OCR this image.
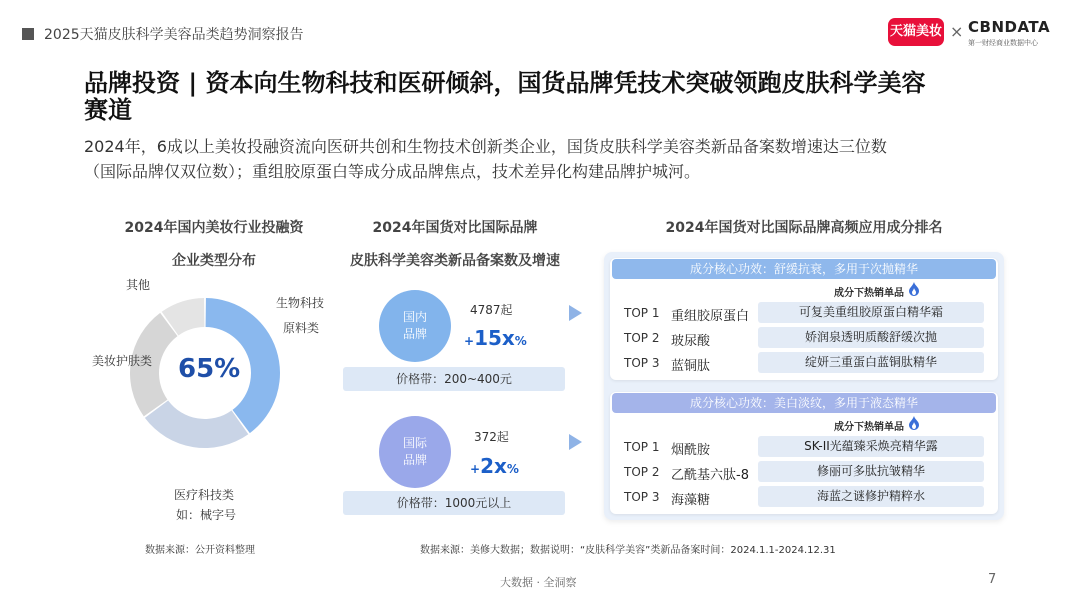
2025天猫皮肤科学美容品类趋势洞察报告	天猫美妆 × CBNDATA
第一财经商业数据中心
品牌投资 | 资本向生物科技和医研倾斜，国货品牌凭技术突破领跑皮肤科学美容
赛道
2024年，6成以上美妆投融资流向医研共创和生物技术创新类企业，国货皮肤科学美容类新品备案数增速达三位数
（国际品牌仅双位数）；重组胶原蛋白等成分成品牌焦点，技术差异化构建品牌护城河。
2024年国内美妆行业投融资
企业类型分布
65%
生物科技
原料类
其他
美妆护肤类
医疗科技类
如：械字号
数据来源：公开资料整理
2024年国货对比国际品牌
皮肤科学美容类新品备案数及增速
国内
品牌
4787起
+15x%
价格带：200~400元
国际
品牌
372起
+2x%
价格带：1000元以上
数据来源：美修大数据；数据说明：“皮肤科学美容”类新品备案时间：2024.1.1-2024.12.31
2024年国货对比国际品牌高频应用成分排名
成分核心功效：舒缓抗衰，多用于次抛精华
成分下热销单品
TOP 1 重组胶原蛋白	可复美重组胶原蛋白精华霜
TOP 2 玻尿酸	娇润泉透明质酸舒缓次抛
TOP 3 蓝铜肽	绽妍三重蛋白蓝铜肽精华
成分核心功效：美白淡纹，多用于液态精华
成分下热销单品
TOP 1 烟酰胺	SK-II光蕴臻采焕亮精华露
TOP 2 乙酰基六肽-8	修丽可多肽抗皱精华
TOP 3 海藻糖	海蓝之谜修护精粹水
大数据 · 全洞察	7
